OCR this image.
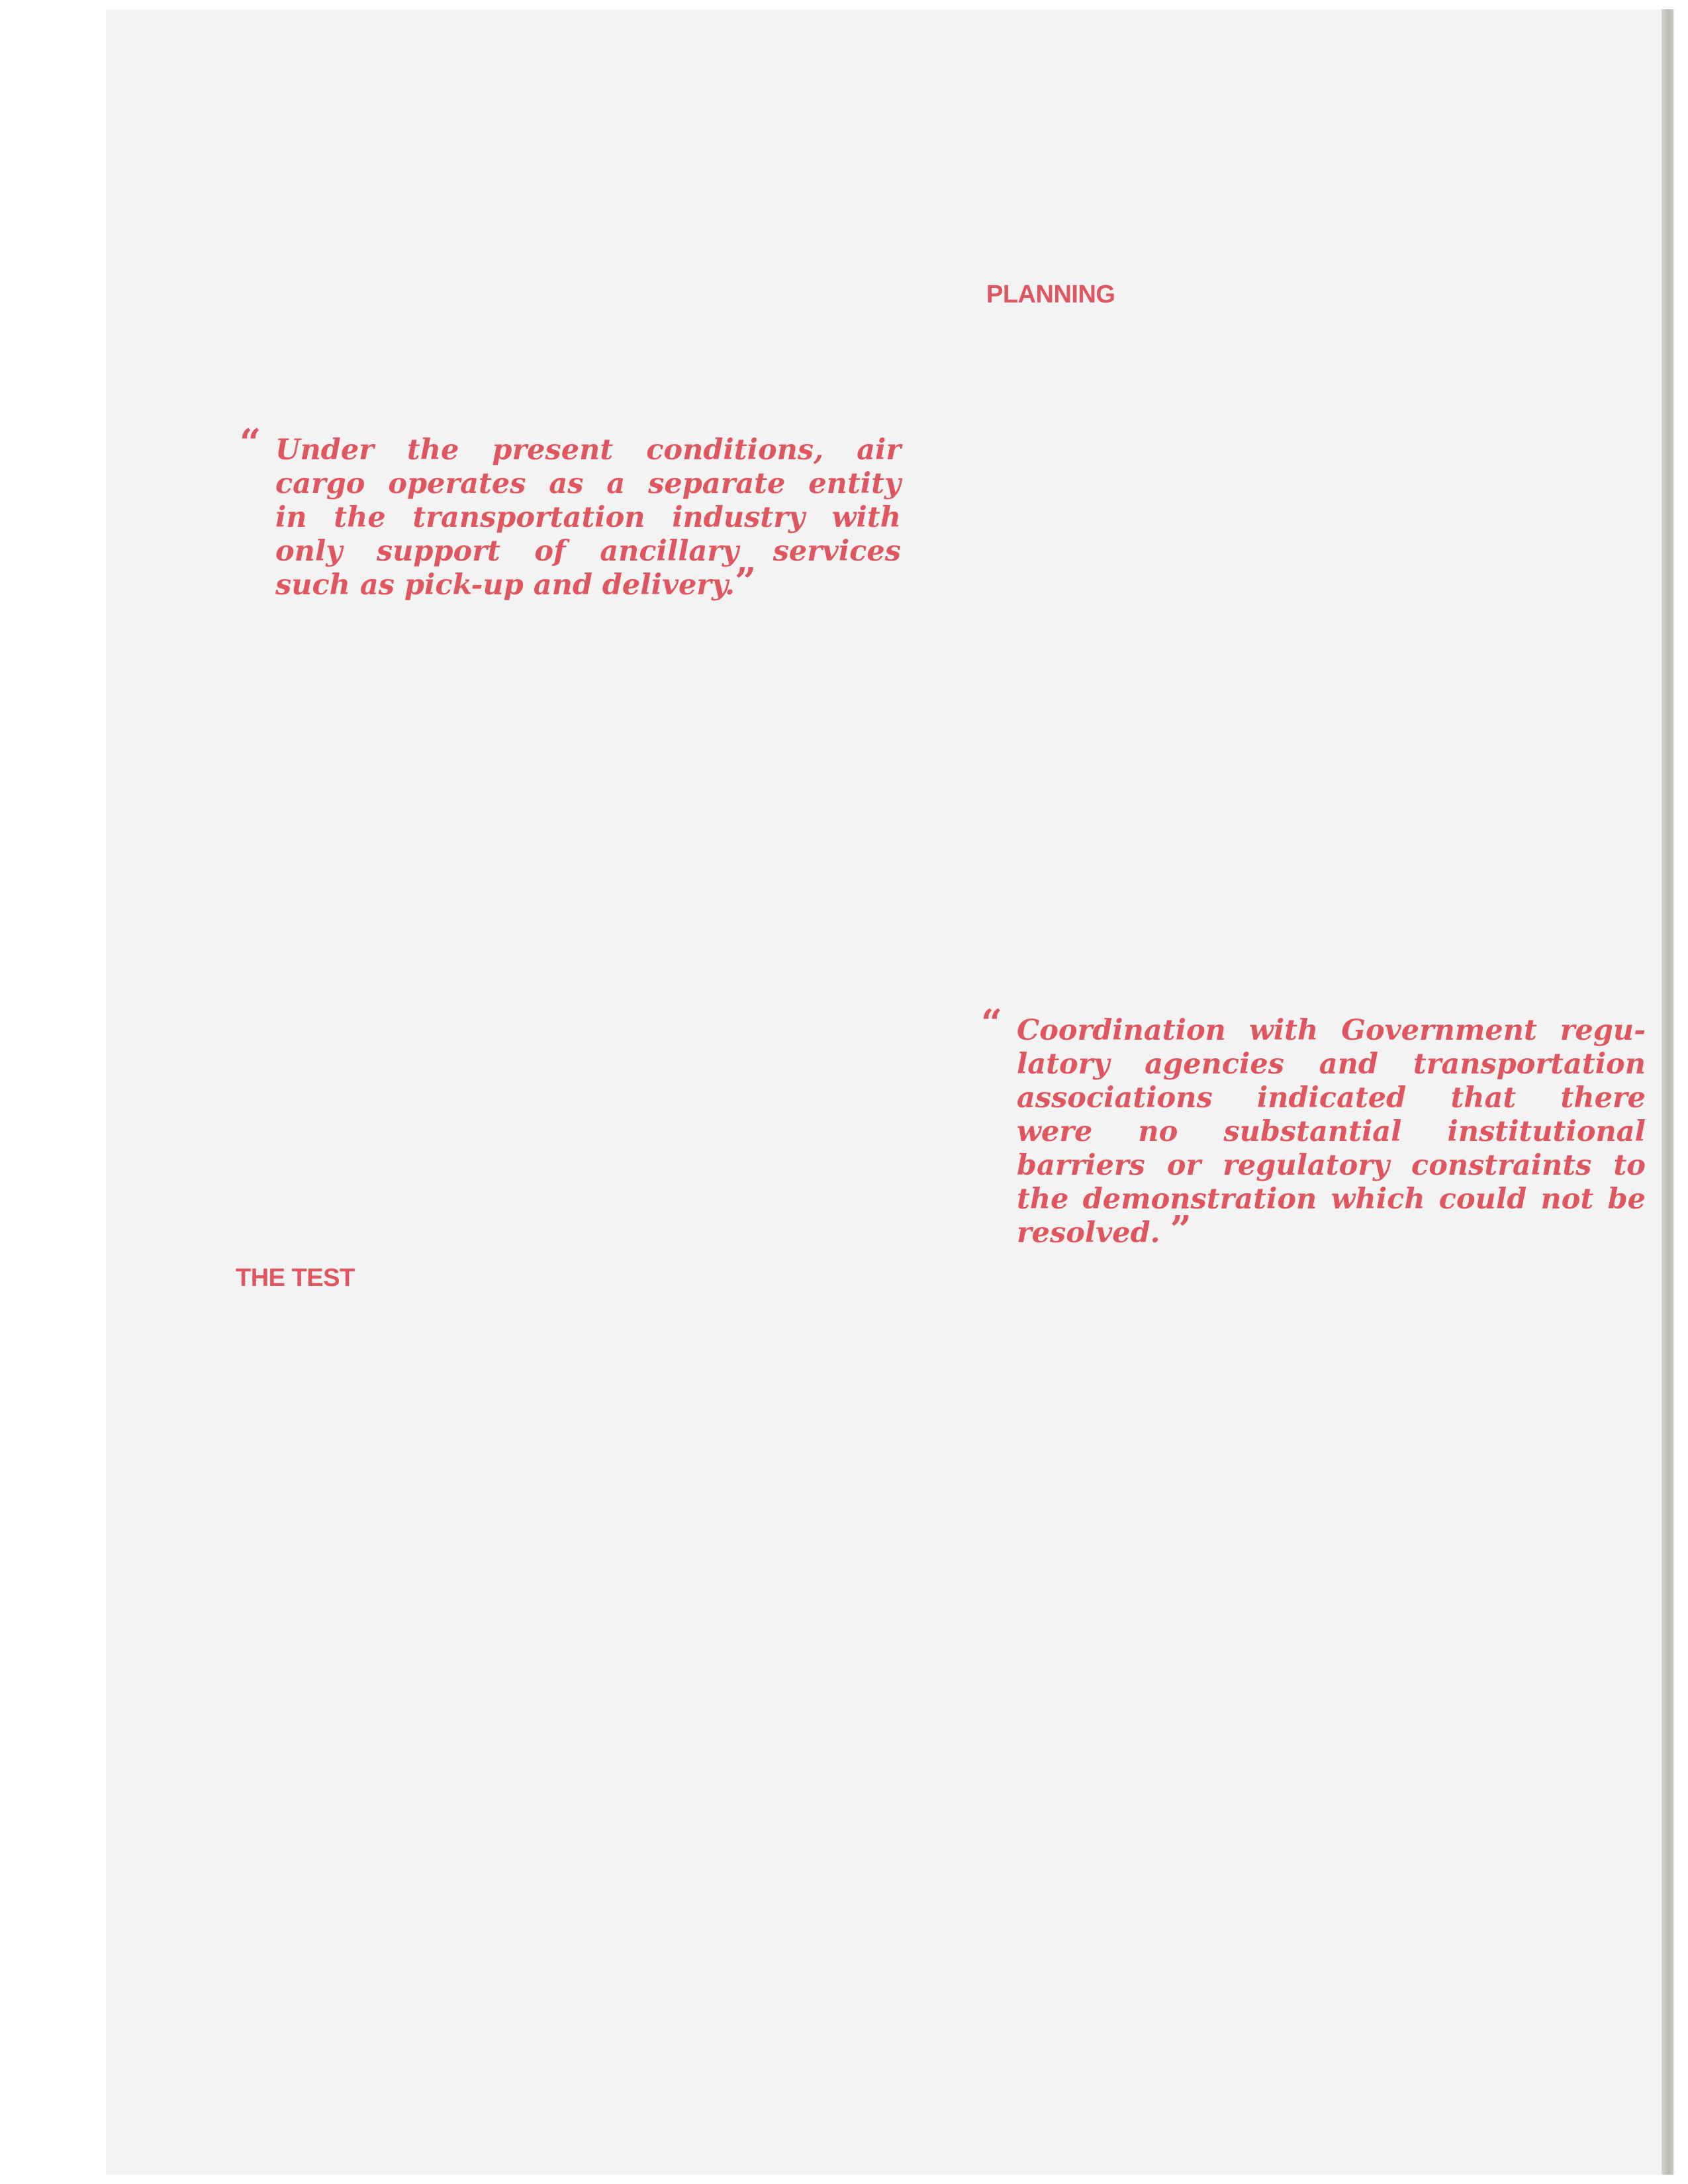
PLANNING
Under the present conditions, air
cargo operates as a separate entity
in the transportation industry with
only support of ancillary services
such as pick-up and delivery.”
Coordination with Government regu-
latory agencies and transportation
associations indicated that there
were no substantial institutional
barriers or regulatory constraints to
the demonstration which could not be
resolved. ”
THE TEST
